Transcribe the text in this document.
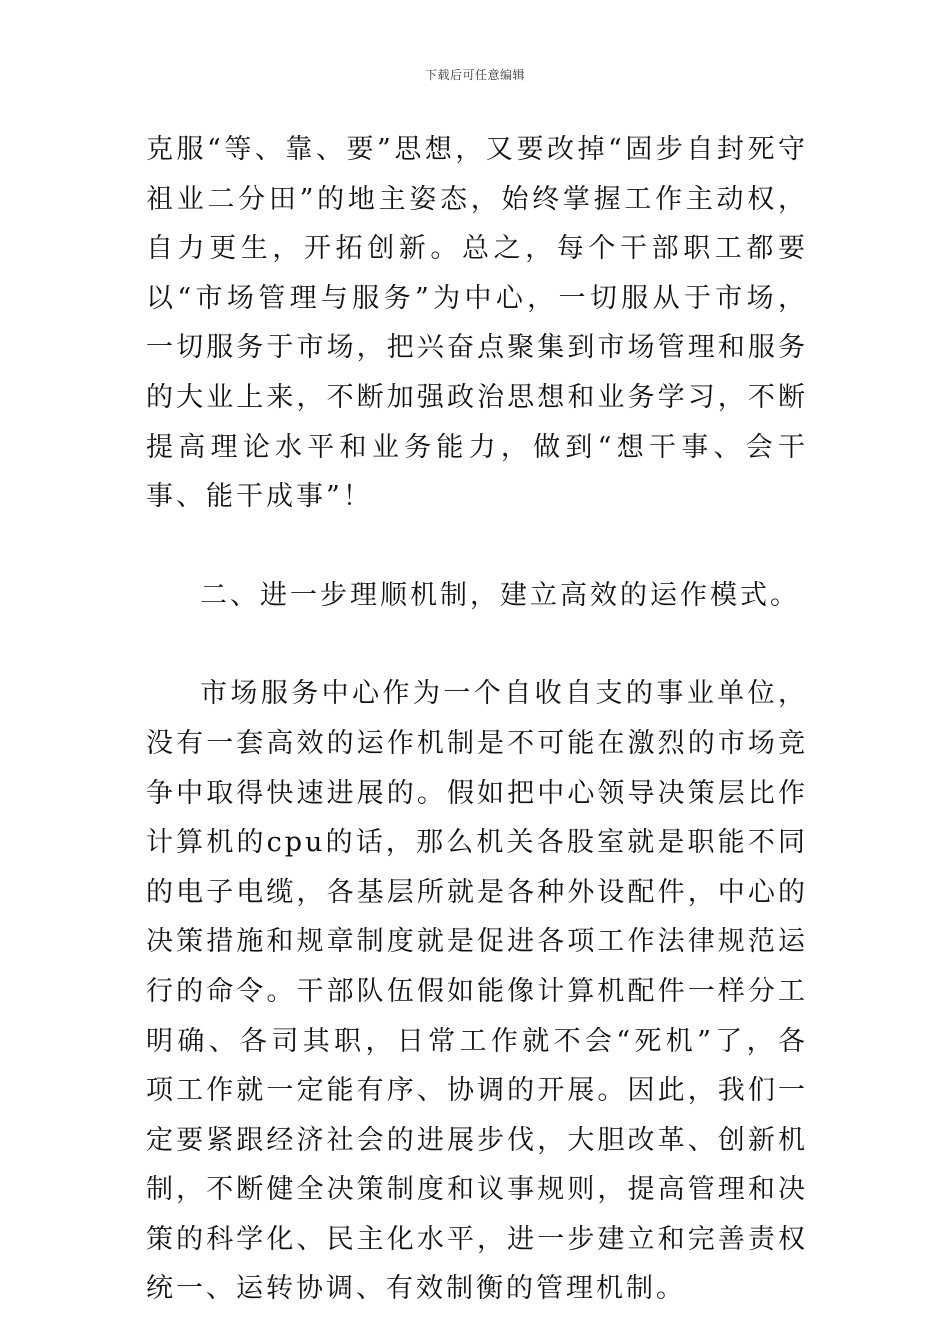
下载后可任意编辑

克服“等、靠、要”思想，又要改掉“固步自封死守祖业二分田”的地主姿态，始终掌握工作主动权，自力更生，开拓创新。总之，每个干部职工都要以“市场管理与服务”为中心，一切服从于市场，一切服务于市场，把兴奋点聚集到市场管理和服务的大业上来，不断加强政治思想和业务学习，不断提高理论水平和业务能力，做到“想干事、会干事、能干成事”！

二、进一步理顺机制，建立高效的运作模式。

市场服务中心作为一个自收自支的事业单位，没有一套高效的运作机制是不可能在激烈的市场竞争中取得快速进展的。假如把中心领导决策层比作计算机的cpu的话，那么机关各股室就是职能不同的电子电缆，各基层所就是各种外设配件，中心的决策措施和规章制度就是促进各项工作法律规范运行的命令。干部队伍假如能像计算机配件一样分工明确、各司其职，日常工作就不会“死机”了，各项工作就一定能有序、协调的开展。因此，我们一定要紧跟经济社会的进展步伐，大胆改革、创新机制，不断健全决策制度和议事规则，提高管理和决策的科学化、民主化水平，进一步建立和完善责权统一、运转协调、有效制衡的管理机制。
